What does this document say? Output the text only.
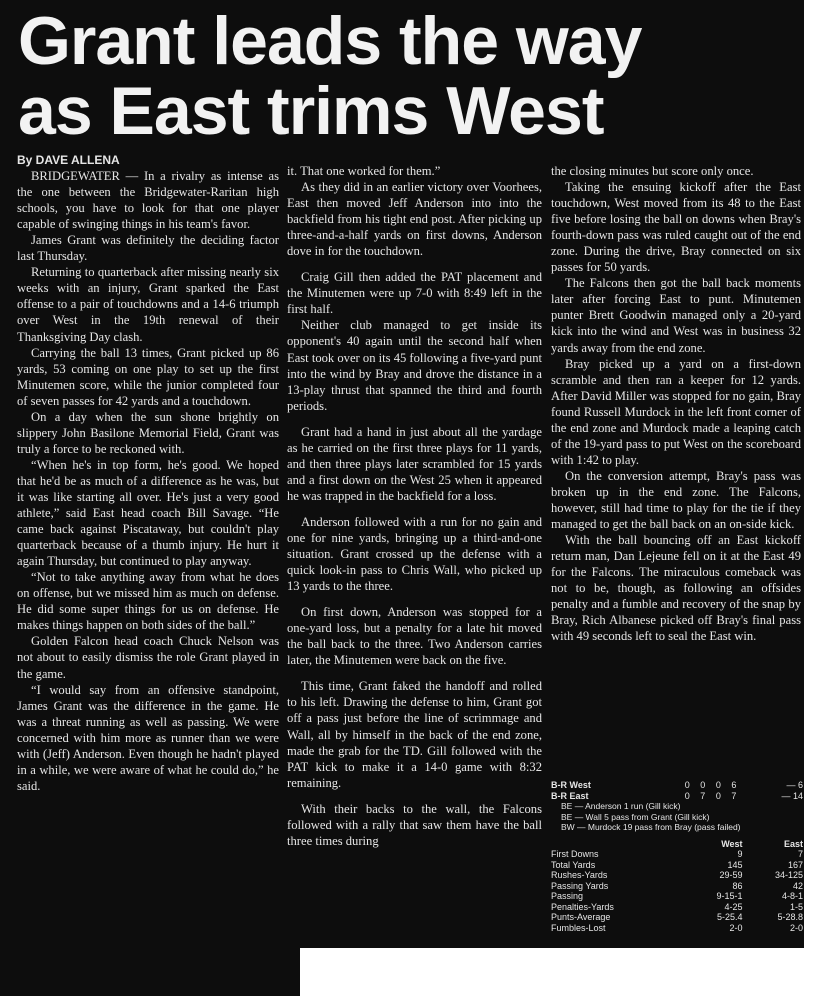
Grant leads the way
as East trims West

By DAVE ALLENA

BRIDGEWATER — In a rivalry as intense as the one between the Bridgewater-Raritan high schools, you have to look for that one player capable of swinging things in his team's favor.

James Grant was definitely the deciding factor last Thursday.

Returning to quarterback after missing nearly six weeks with an injury, Grant sparked the East offense to a pair of touchdowns and a 14-6 triumph over West in the 19th renewal of their Thanksgiving Day clash.

Carrying the ball 13 times, Grant picked up 86 yards, 53 coming on one play to set up the first Minutemen score, while the junior completed four of seven passes for 42 yards and a touchdown.

On a day when the sun shone brightly on slippery John Basilone Memorial Field, Grant was truly a force to be reckoned with.

“When he's in top form, he's good. We hoped that he'd be as much of a difference as he was, but it was like starting all over. He's just a very good athlete,” said East head coach Bill Savage. “He came back against Piscataway, but couldn't play quarterback because of a thumb injury. He hurt it again Thursday, but continued to play anyway.

“Not to take anything away from what he does on offense, but we missed him as much on defense. He did some super things for us on defense. He makes things happen on both sides of the ball.”

Golden Falcon head coach Chuck Nelson was not about to easily dismiss the role Grant played in the game.

“I would say from an offensive standpoint, James Grant was the difference in the game. He was a threat running as well as passing. We were concerned with him more as runner than we were with (Jeff) Anderson. Even though he hadn't played in a while, we were aware of what he could do,” he said.

it. That one worked for them.”

As they did in an earlier victory over Voorhees, East then moved Jeff Anderson into into the backfield from his tight end post. After picking up three-and-a-half yards on first downs, Anderson dove in for the touchdown.

Craig Gill then added the PAT placement and the Minutemen were up 7-0 with 8:49 left in the first half.

Neither club managed to get inside its opponent's 40 again until the second half when East took over on its 45 following a five-yard punt into the wind by Bray and drove the distance in a 13-play thrust that spanned the third and fourth periods.

Grant had a hand in just about all the yardage as he carried on the first three plays for 11 yards, and then three plays later scrambled for 15 yards and a first down on the West 25 when it appeared he was trapped in the backfield for a loss.

Anderson followed with a run for no gain and one for nine yards, bringing up a third-and-one situation. Grant crossed up the defense with a quick look-in pass to Chris Wall, who picked up 13 yards to the three.

On first down, Anderson was stopped for a one-yard loss, but a penalty for a late hit moved the ball back to the three. Two Anderson carries later, the Minutemen were back on the five.

This time, Grant faked the handoff and rolled to his left. Drawing the defense to him, Grant got off a pass just before the line of scrimmage and Wall, all by himself in the back of the end zone, made the grab for the TD. Gill followed with the PAT kick to make it a 14-0 game with 8:32 remaining.

With their backs to the wall, the Falcons followed with a rally that saw them have the ball three times during

the closing minutes but score only once.

Taking the ensuing kickoff after the East touchdown, West moved from its 48 to the East five before losing the ball on downs when Bray's fourth-down pass was ruled caught out of the end zone. During the drive, Bray connected on six passes for 50 yards.

The Falcons then got the ball back moments later after forcing East to punt. Minutemen punter Brett Goodwin managed only a 20-yard kick into the wind and West was in business 32 yards away from the end zone.

Bray picked up a yard on a first-down scramble and then ran a keeper for 12 yards. After David Miller was stopped for no gain, Bray found Russell Murdock in the left front corner of the end zone and Murdock made a leaping catch of the 19-yard pass to put West on the scoreboard with 1:42 to play.

On the conversion attempt, Bray's pass was broken up in the end zone. The Falcons, however, still had time to play for the tie if they managed to get the ball back on an on-side kick.

With the ball bouncing off an East kickoff return man, Dan Lejeune fell on it at the East 49 for the Falcons. The miraculous comeback was not to be, though, as following an offsides penalty and a fumble and recovery of the snap by Bray, Rich Albanese picked off Bray's final pass with 49 seconds left to seal the East win.

B-R West	0	0	0	6	— 6
B-R East	0	7	0	7	— 14
BE — Anderson 1 run (Gill kick)
BE — Wall 5 pass from Grant (Gill kick)
BW — Murdock 19 pass from Bray (pass failed)
	West	East
First Downs	9	7
Total Yards	145	167
Rushes-Yards	29-59	34-125
Passing Yards	86	42
Passing	9-15-1	4-8-1
Penalties-Yards	4-25	1-5
Punts-Average	5-25.4	5-28.8
Fumbles-Lost	2-0	2-0
